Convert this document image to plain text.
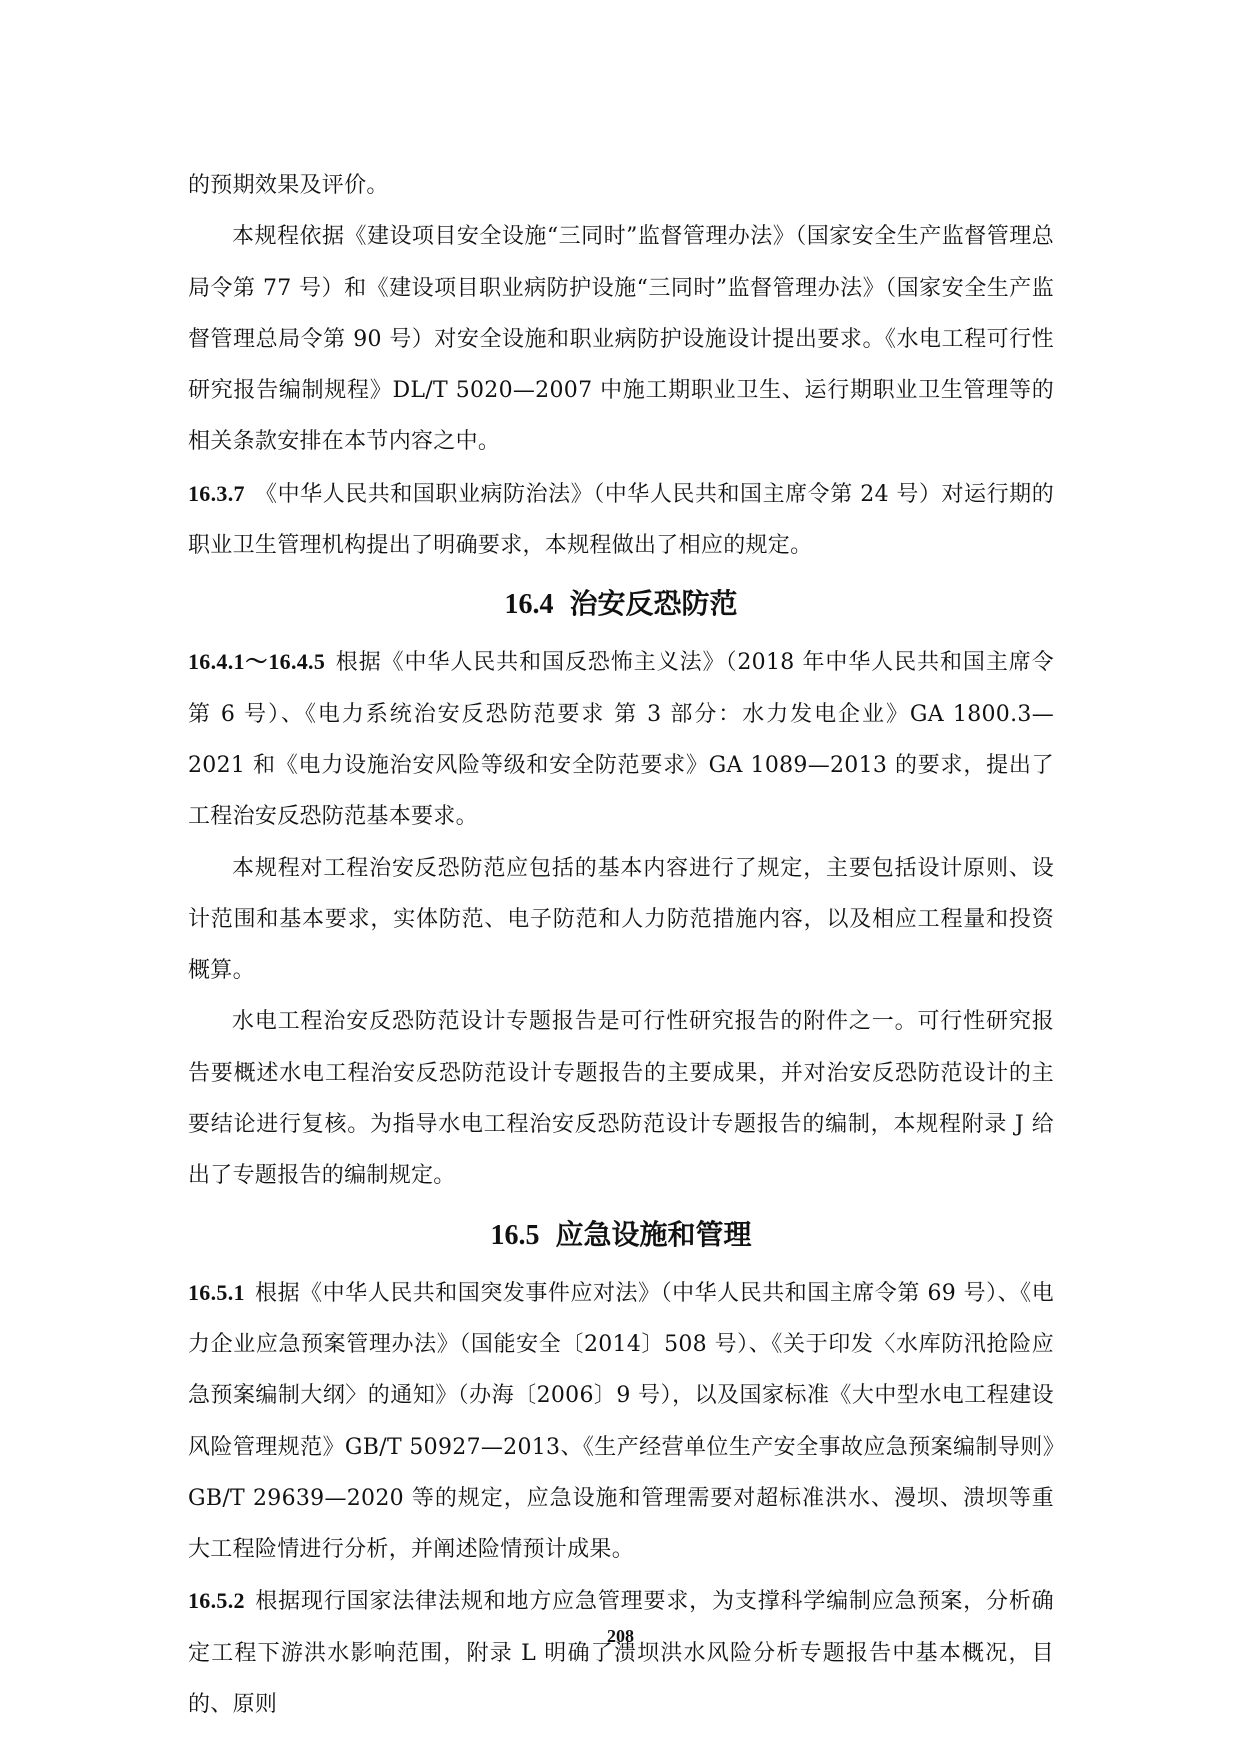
的预期效果及评价。

本规程依据《建设项目安全设施“三同时”监督管理办法》（国家安全生产监督管理总局令第 77 号）和《建设项目职业病防护设施“三同时”监督管理办法》（国家安全生产监督管理总局令第 90 号）对安全设施和职业病防护设施设计提出要求。《水电工程可行性研究报告编制规程》DL/T 5020—2007 中施工期职业卫生、运行期职业卫生管理等的相关条款安排在本节内容之中。

16.3.7 《中华人民共和国职业病防治法》（中华人民共和国主席令第 24 号）对运行期的职业卫生管理机构提出了明确要求，本规程做出了相应的规定。

16.4 治安反恐防范

16.4.1～16.4.5 根据《中华人民共和国反恐怖主义法》（2018 年中华人民共和国主席令第 6 号）、《电力系统治安反恐防范要求 第 3 部分：水力发电企业》GA 1800.3—2021 和《电力设施治安风险等级和安全防范要求》GA 1089—2013 的要求，提出了工程治安反恐防范基本要求。

本规程对工程治安反恐防范应包括的基本内容进行了规定，主要包括设计原则、设计范围和基本要求，实体防范、电子防范和人力防范措施内容，以及相应工程量和投资概算。

水电工程治安反恐防范设计专题报告是可行性研究报告的附件之一。可行性研究报告要概述水电工程治安反恐防范设计专题报告的主要成果，并对治安反恐防范设计的主要结论进行复核。为指导水电工程治安反恐防范设计专题报告的编制，本规程附录 J 给出了专题报告的编制规定。

16.5 应急设施和管理

16.5.1 根据《中华人民共和国突发事件应对法》（中华人民共和国主席令第 69 号）、《电力企业应急预案管理办法》（国能安全〔2014〕508 号）、《关于印发〈水库防汛抢险应急预案编制大纲〉的通知》（办海〔2006〕9 号），以及国家标准《大中型水电工程建设风险管理规范》GB/T 50927—2013、《生产经营单位生产安全事故应急预案编制导则》GB/T 29639—2020 等的规定，应急设施和管理需要对超标准洪水、漫坝、溃坝等重大工程险情进行分析，并阐述险情预计成果。

16.5.2 根据现行国家法律法规和地方应急管理要求，为支撑科学编制应急预案，分析确定工程下游洪水影响范围，附录 L 明确了溃坝洪水风险分析专题报告中基本概况，目的、原则

208
